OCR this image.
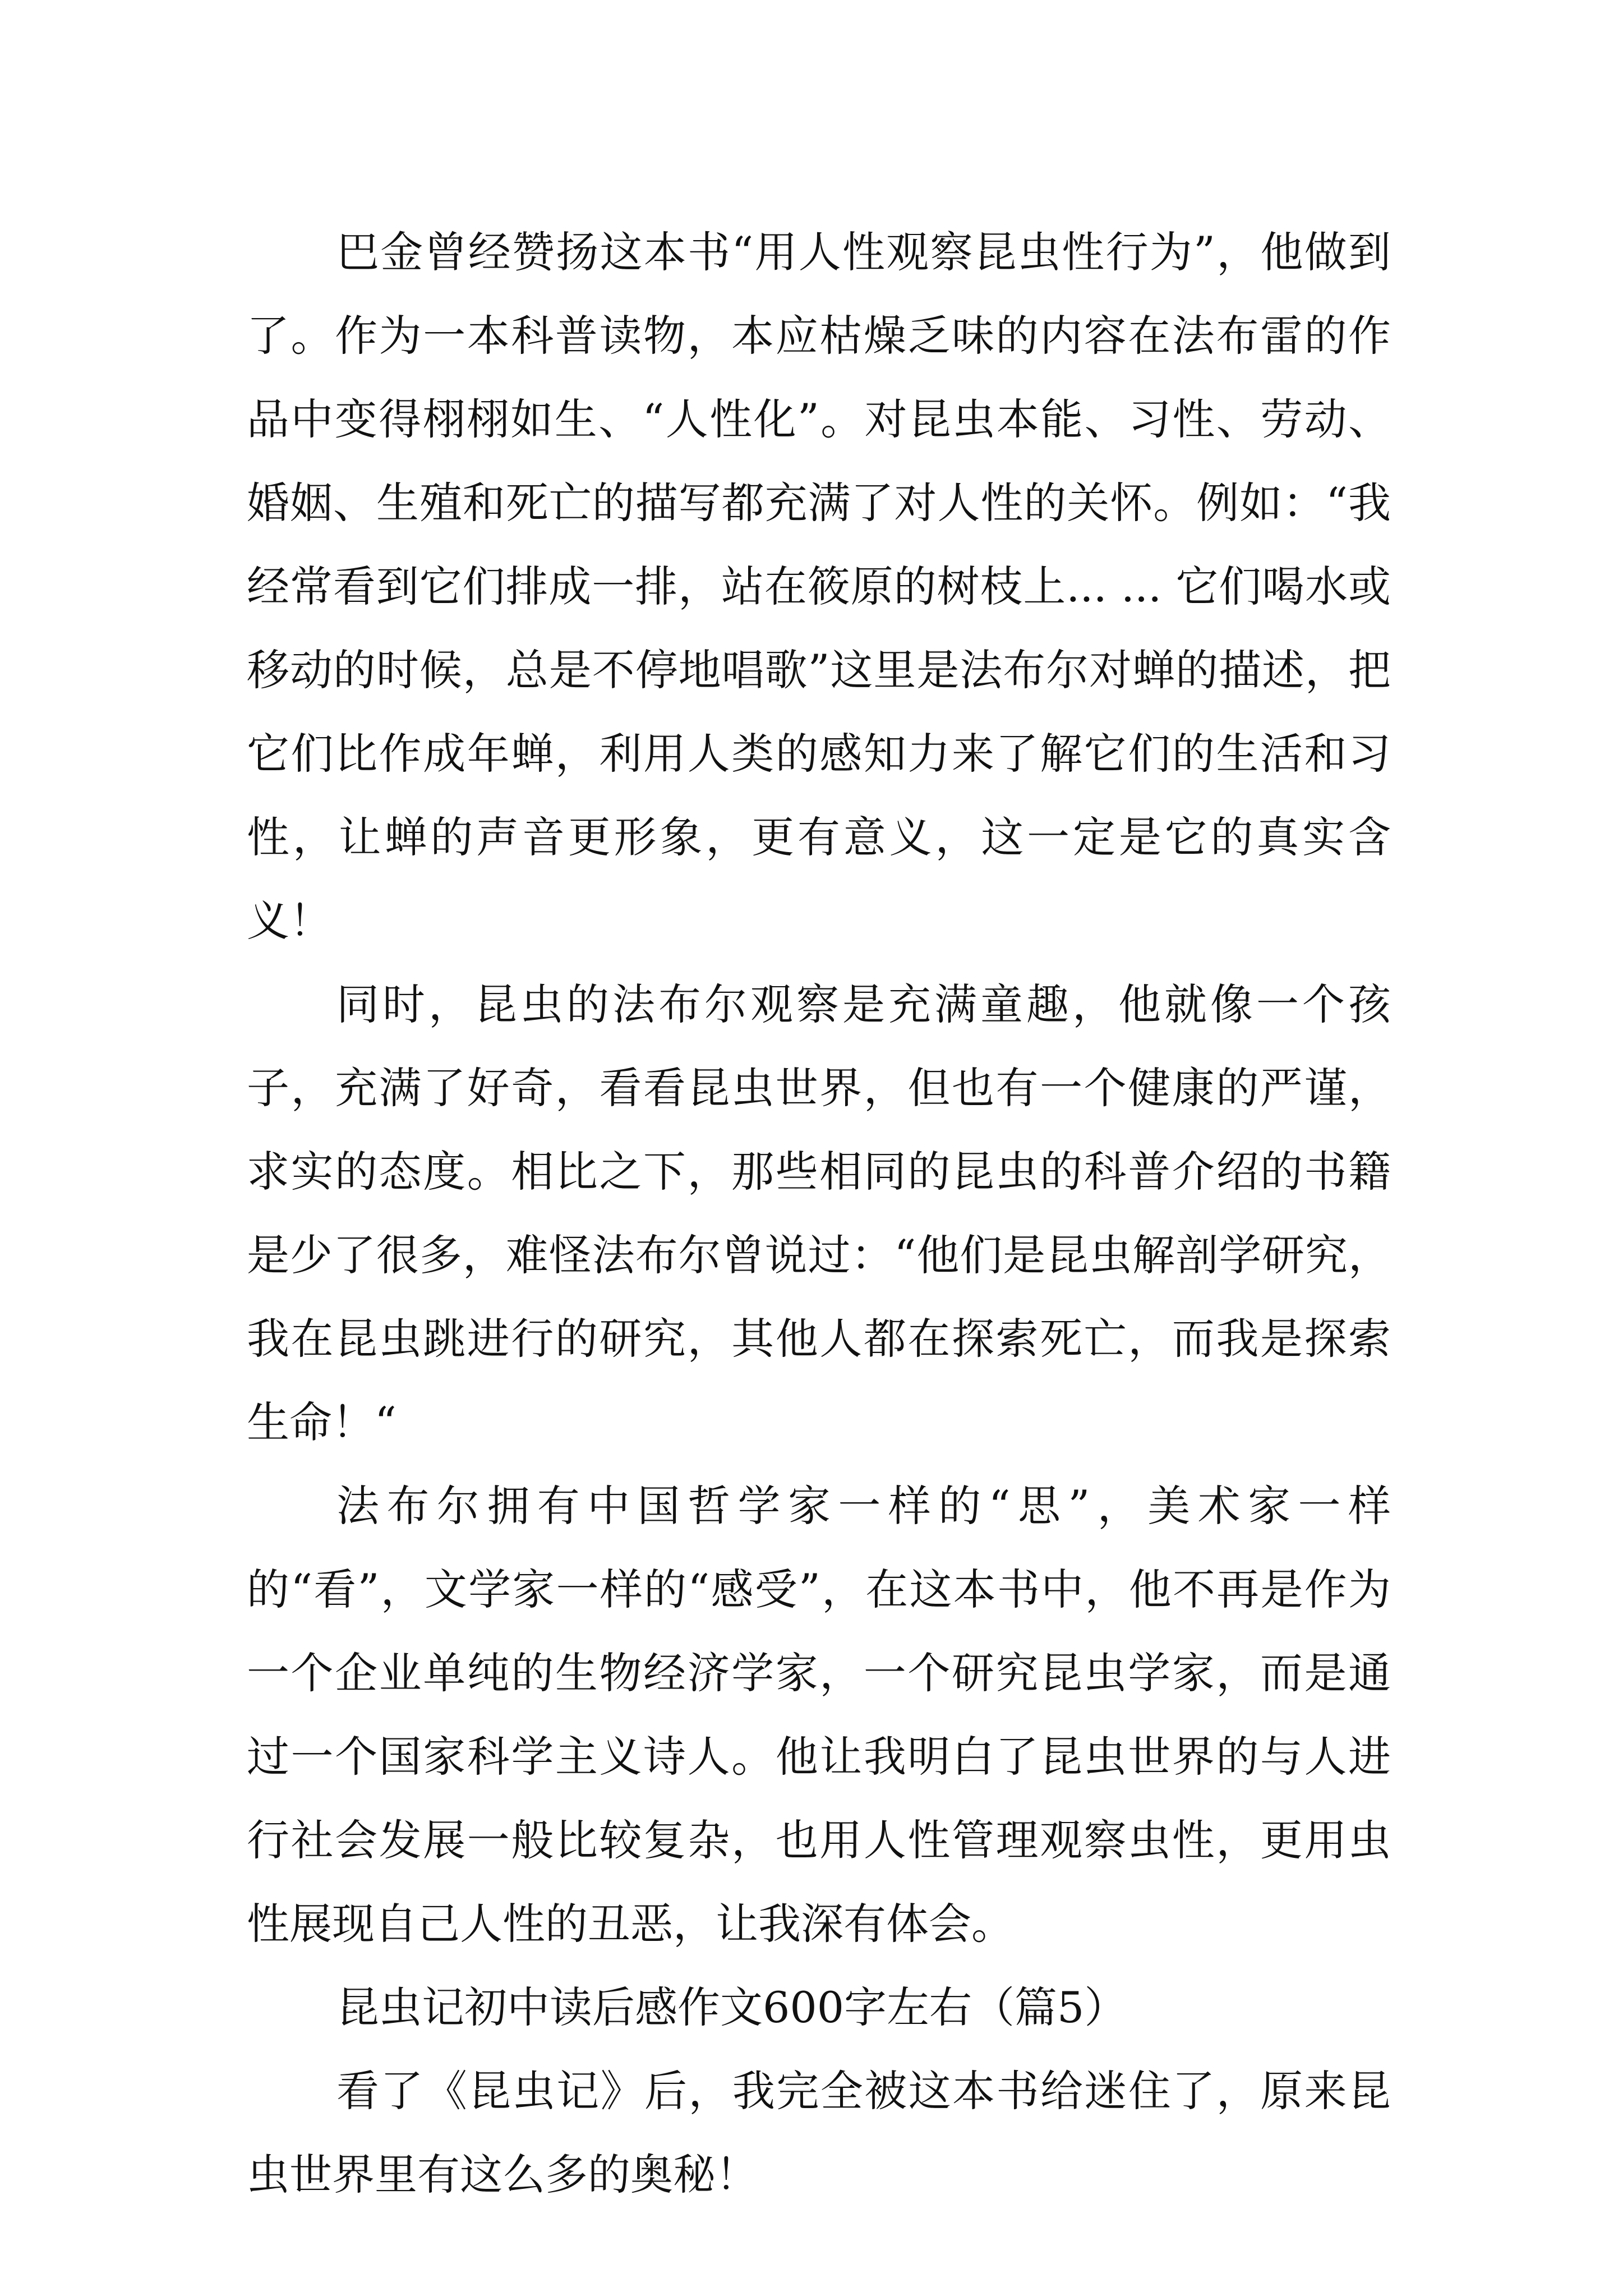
巴金曾经赞扬这本书“用人性观察昆虫性行为”，他做到了。作为一本科普读物，本应枯燥乏味的内容在法布雷的作品中变得栩栩如生、“人性化”。对昆虫本能、习性、劳动、婚姻、生殖和死亡的描写都充满了对人性的关怀。例如：“我经常看到它们排成一排，站在筱原的树枝上... ... 它们喝水或移动的时候，总是不停地唱歌”这里是法布尔对蝉的描述，把它们比作成年蝉，利用人类的感知力来了解它们的生活和习性，让蝉的声音更形象，更有意义，这一定是它的真实含义！

同时，昆虫的法布尔观察是充满童趣，他就像一个孩子，充满了好奇，看看昆虫世界，但也有一个健康的严谨，求实的态度。相比之下，那些相同的昆虫的科普介绍的书籍是少了很多，难怪法布尔曾说过：“他们是昆虫解剖学研究，我在昆虫跳进行的研究，其他人都在探索死亡，而我是探索生命！“

法布尔拥有中国哲学家一样的“思”，美术家一样的“看”，文学家一样的“感受”，在这本书中，他不再是作为一个企业单纯的生物经济学家，一个研究昆虫学家，而是通过一个国家科学主义诗人。他让我明白了昆虫世界的与人进行社会发展一般比较复杂，也用人性管理观察虫性，更用虫性展现自己人性的丑恶，让我深有体会。

昆虫记初中读后感作文600字左右（篇5）

看了《昆虫记》后，我完全被这本书给迷住了，原来昆虫世界里有这么多的奥秘！
